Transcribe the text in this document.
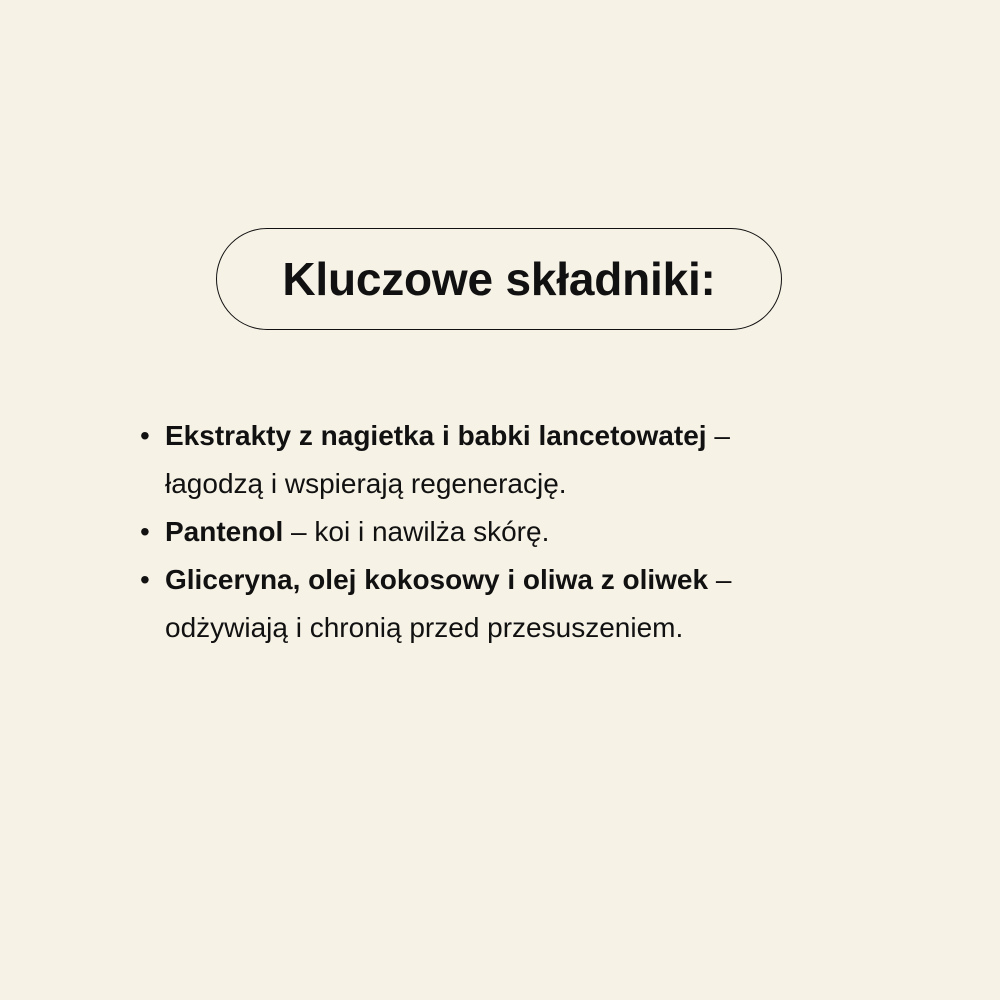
Kluczowe składniki:
• Ekstrakty z nagietka i babki lancetowatej –
łagodzą i wspierają regenerację.
• Pantenol – koi i nawilża skórę.
• Gliceryna, olej kokosowy i oliwa z oliwek –
odżywiają i chronią przed przesuszeniem.
